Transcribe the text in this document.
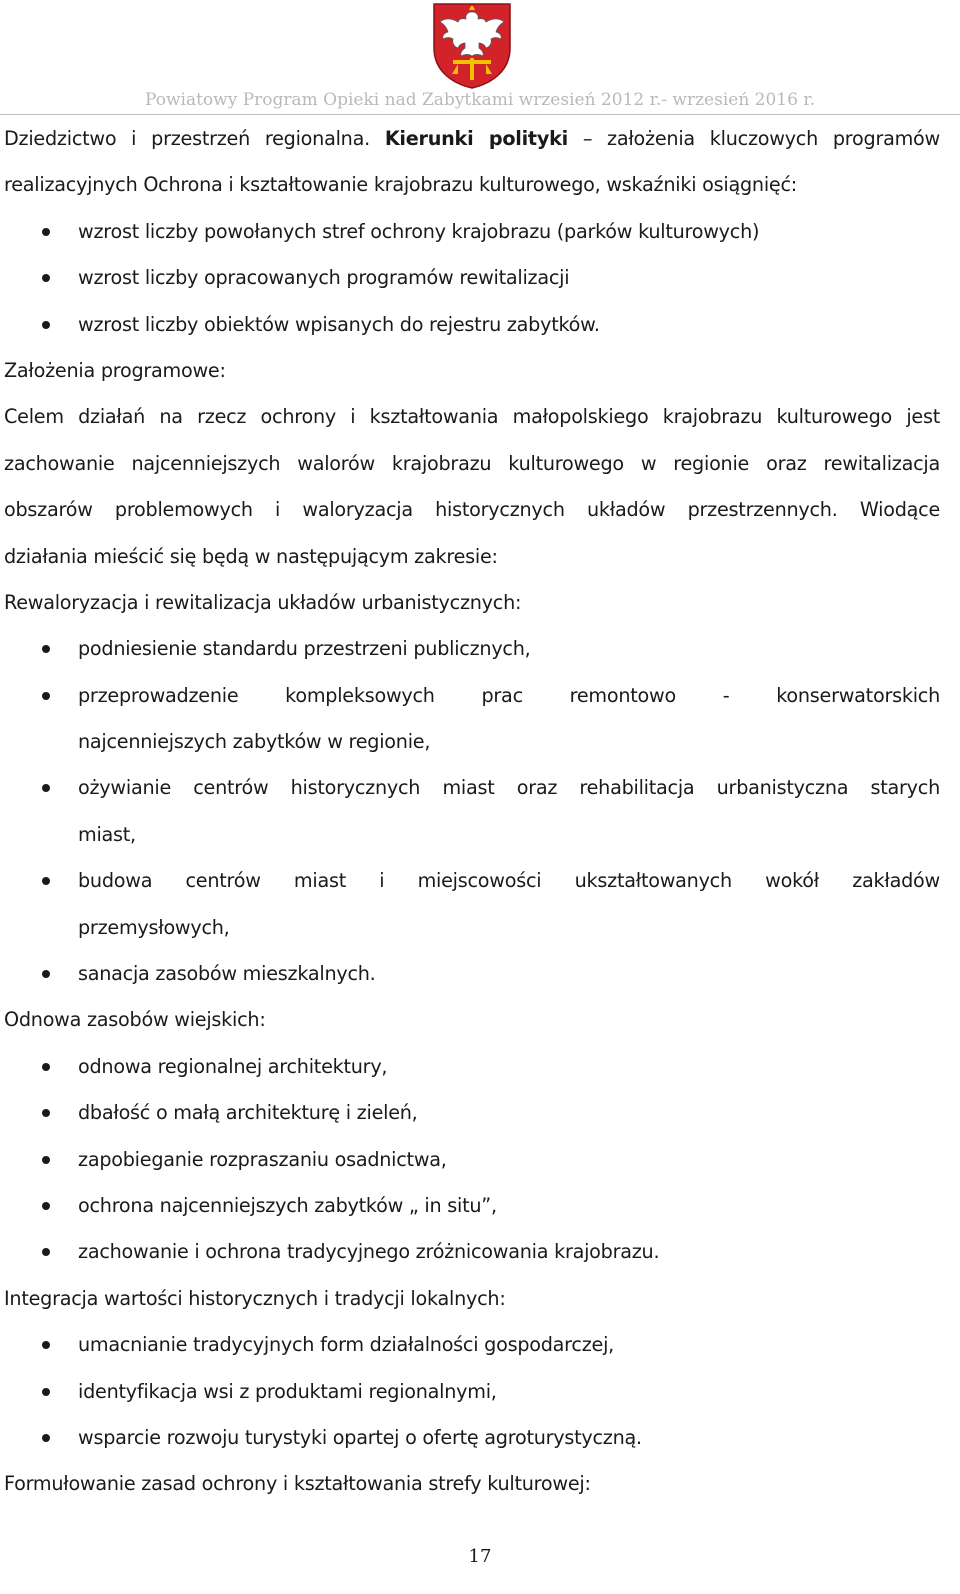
Powiatowy Program Opieki nad Zabytkami wrzesień 2012 r.- wrzesień 2016 r.
Dziedzictwo i przestrzeń regionalna. Kierunki polityki – założenia kluczowych programów
realizacyjnych Ochrona i kształtowanie krajobrazu kulturowego, wskaźniki osiągnięć:
wzrost liczby powołanych stref ochrony krajobrazu (parków kulturowych)
wzrost liczby opracowanych programów rewitalizacji
wzrost liczby obiektów wpisanych do rejestru zabytków.
Założenia programowe:
Celem działań na rzecz ochrony i kształtowania małopolskiego krajobrazu kulturowego jest
zachowanie najcenniejszych walorów krajobrazu kulturowego w regionie oraz rewitalizacja
obszarów problemowych i waloryzacja historycznych układów przestrzennych. Wiodące
działania mieścić się będą w następującym zakresie:
Rewaloryzacja i rewitalizacja układów urbanistycznych:
podniesienie standardu przestrzeni publicznych,
przeprowadzenie kompleksowych prac remontowo - konserwatorskich
najcenniejszych zabytków w regionie,
ożywianie centrów historycznych miast oraz rehabilitacja urbanistyczna starych
miast,
budowa centrów miast i miejscowości ukształtowanych wokół zakładów
przemysłowych,
sanacja zasobów mieszkalnych.
Odnowa zasobów wiejskich:
odnowa regionalnej architektury,
dbałość o małą architekturę i zieleń,
zapobieganie rozpraszaniu osadnictwa,
ochrona najcenniejszych zabytków „ in situ”,
zachowanie i ochrona tradycyjnego zróżnicowania krajobrazu.
Integracja wartości historycznych i tradycji lokalnych:
umacnianie tradycyjnych form działalności gospodarczej,
identyfikacja wsi z produktami regionalnymi,
wsparcie rozwoju turystyki opartej o ofertę agroturystyczną.
Formułowanie zasad ochrony i kształtowania strefy kulturowej:
17
